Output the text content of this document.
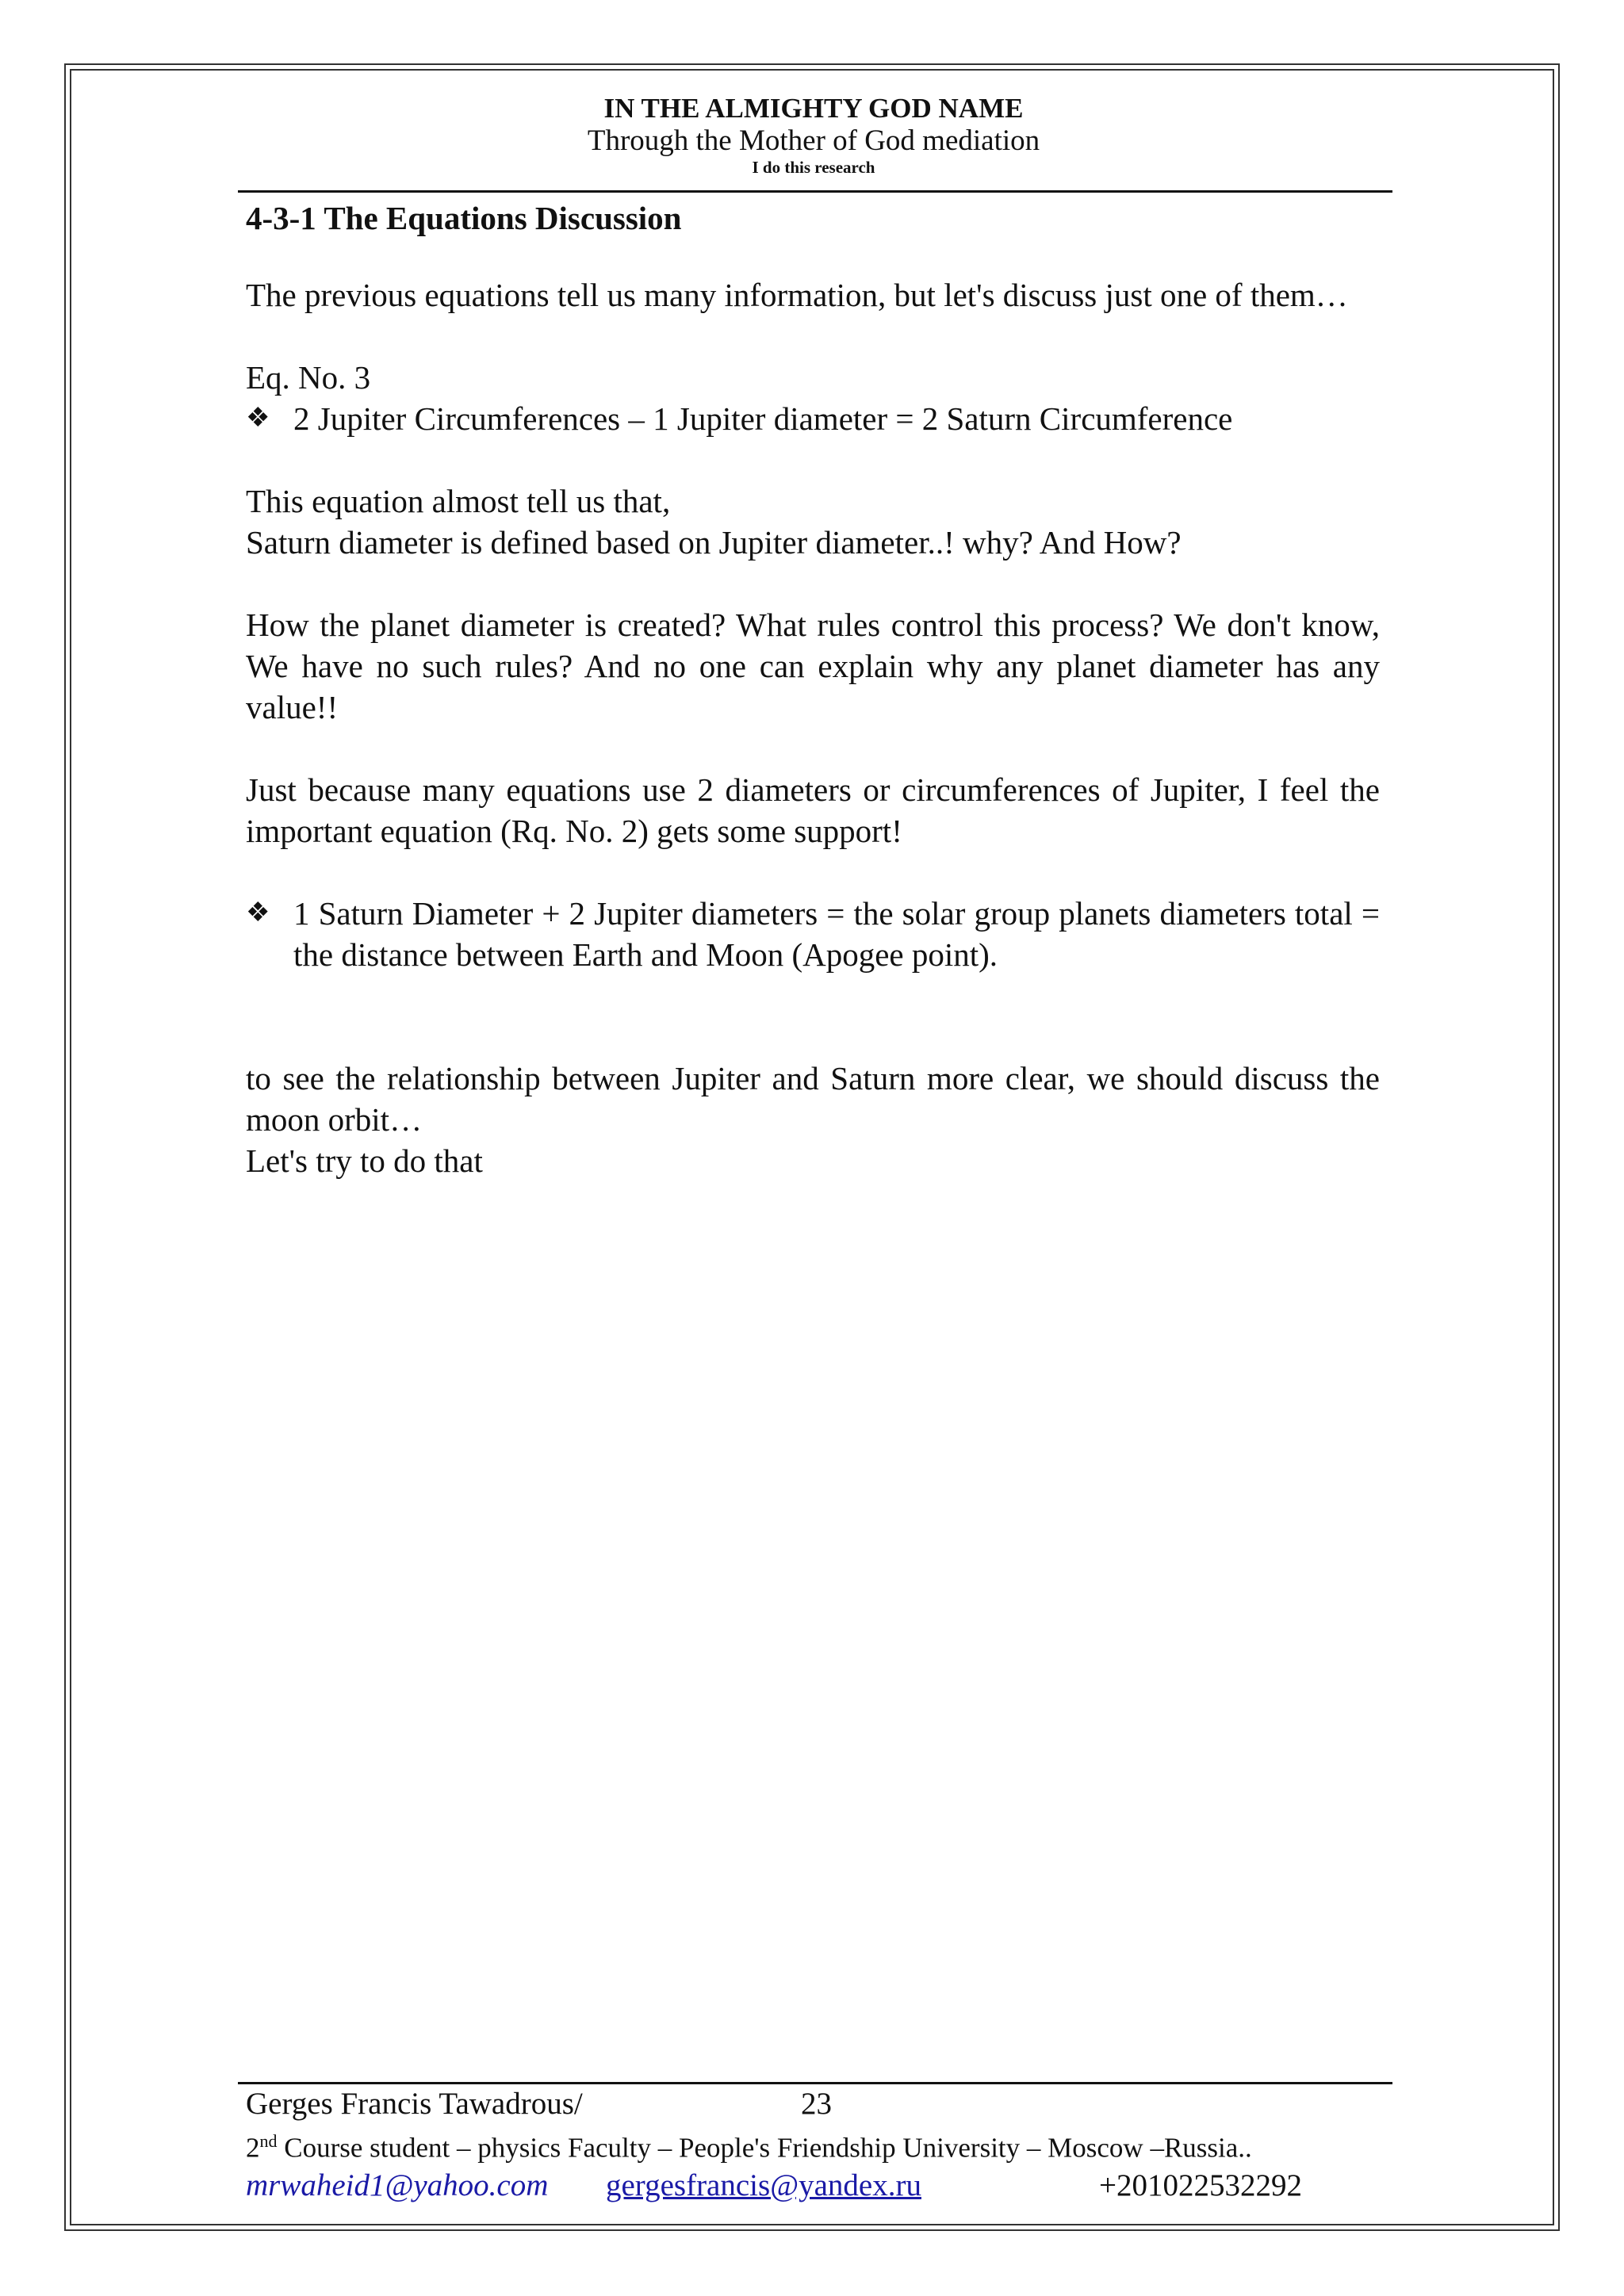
IN THE ALMIGHTY GOD NAME
Through the Mother of God mediation
I do this research

4-3-1 The Equations Discussion

The previous equations tell us many information, but let's discuss just one of them…

Eq. No. 3

❖ 2 Jupiter Circumferences – 1 Jupiter diameter = 2 Saturn Circumference

This equation almost tell us that,

Saturn diameter is defined based on Jupiter diameter..! why? And How?

How the planet diameter is created? What rules control this process? We don't know, We have no such rules? And no one can explain why any planet diameter has any value!!

Just because many equations use 2 diameters or circumferences of Jupiter, I feel the important equation (Rq. No. 2) gets some support!

❖ 1 Saturn Diameter + 2 Jupiter diameters = the solar group planets diameters total = the distance between Earth and Moon (Apogee point).

to see the relationship between Jupiter and Saturn more clear, we should discuss the moon orbit…

Let's try to do that

Gerges Francis Tawadrous/	23
2nd Course student – physics Faculty – People's Friendship University – Moscow –Russia..
mrwaheid1@yahoo.com	gergesfrancis@yandex.ru	+201022532292
